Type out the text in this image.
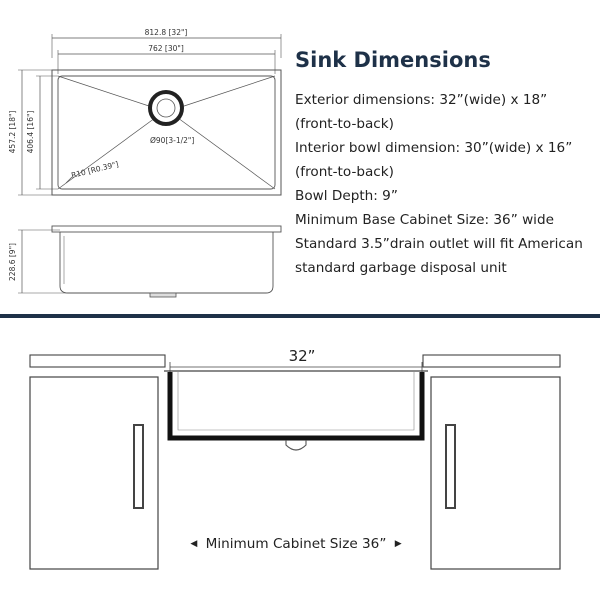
812.8 [32"]
762 [30"]
457.2 [18"] 406.4 [16"]	Ø90[3-1/2"]
R10 [R0.39"]
228.6 [9"]
Sink Dimensions
Exterior dimensions: 32”(wide) x 18”
(front-to-back)
Interior bowl dimension: 30”(wide) x 16”
(front-to-back)
Bowl Depth: 9”
Minimum Base Cabinet Size: 36” wide
Standard 3.5”drain outlet will fit American
standard garbage disposal unit
32”
◀ Minimum Cabinet Size 36” ▶
